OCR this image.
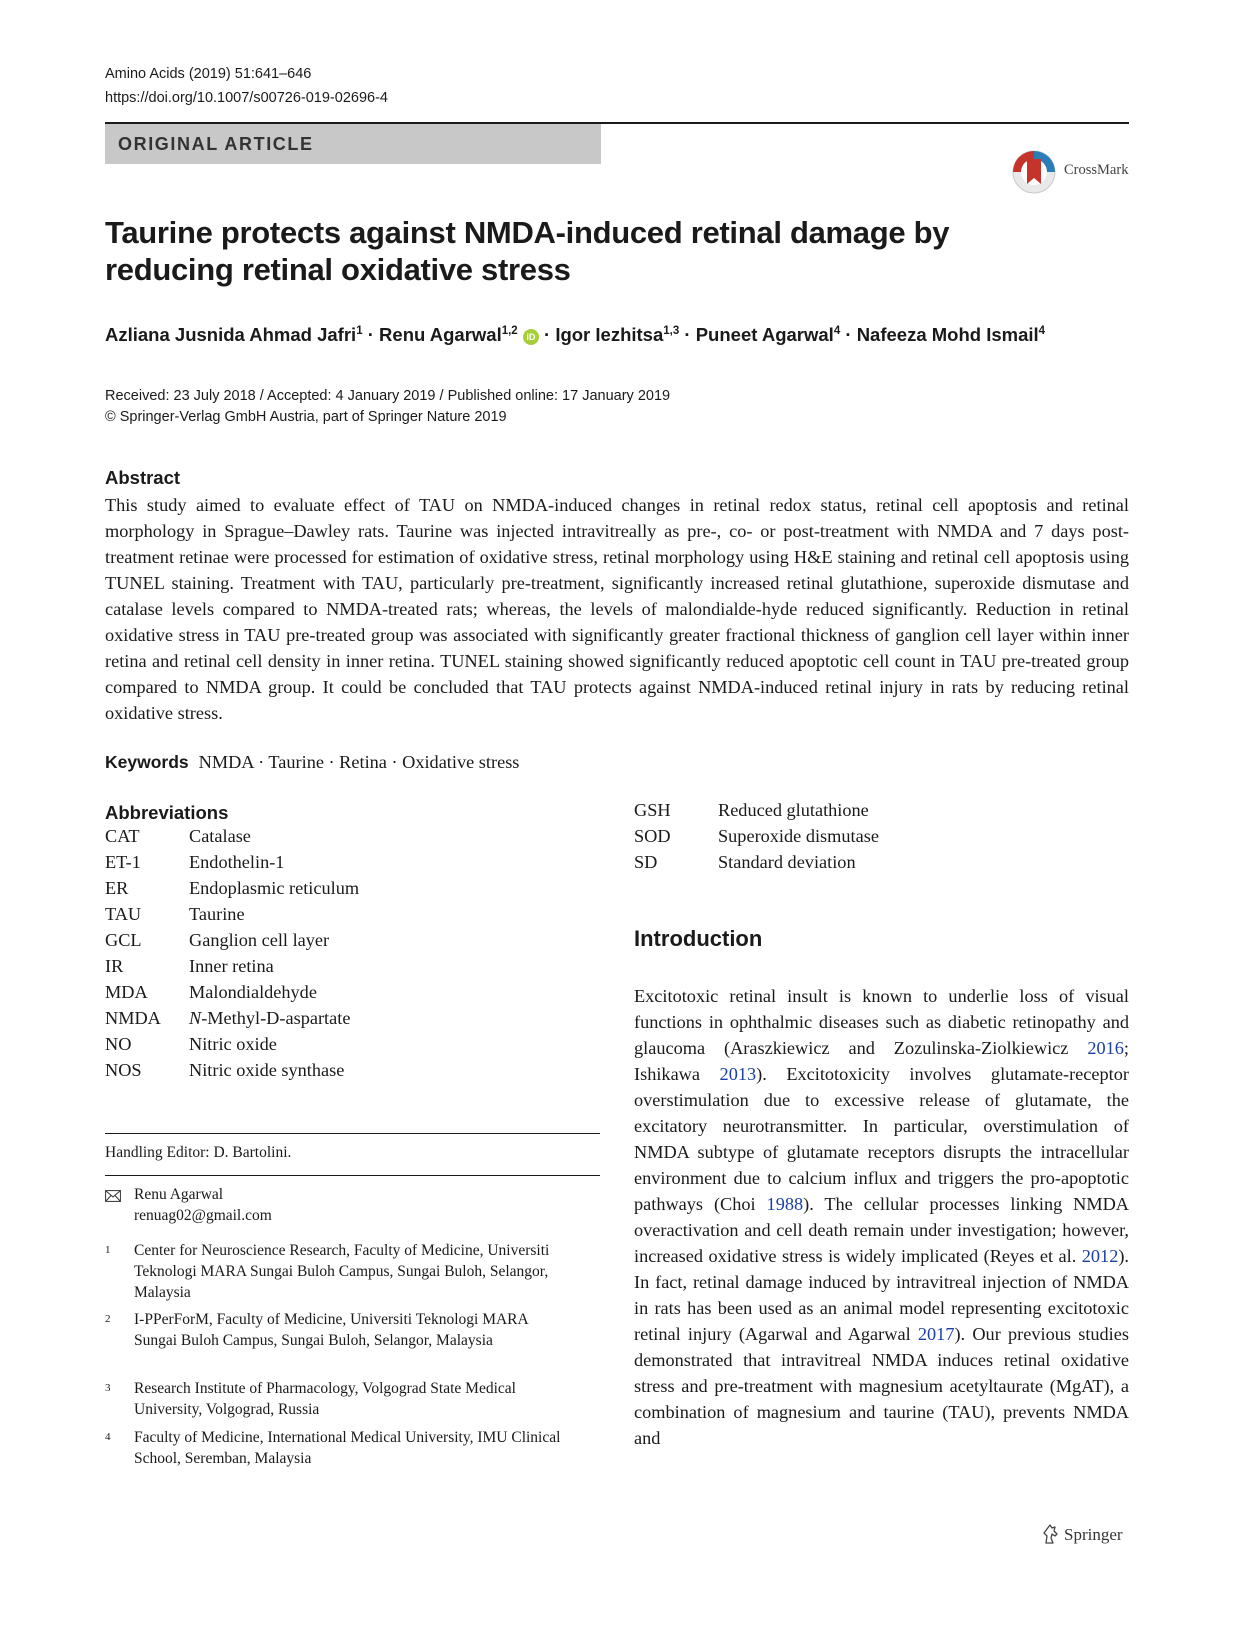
Amino Acids (2019) 51:641–646
https://doi.org/10.1007/s00726-019-02696-4
ORIGINAL ARTICLE
CrossMark
Taurine protects against NMDA-induced retinal damage by reducing retinal oxidative stress
Azliana Jusnida Ahmad Jafri$^1$ · Renu Agarwal$^{1,2}$ iD · Igor Iezhitsa$^{1,3}$ · Puneet Agarwal$^4$ · Nafeeza Mohd Ismail$^4$
Received: 23 July 2018 / Accepted: 4 January 2019 / Published online: 17 January 2019
© Springer-Verlag GmbH Austria, part of Springer Nature 2019
Abstract
This study aimed to evaluate effect of TAU on NMDA-induced changes in retinal redox status, retinal cell apoptosis and retinal morphology in Sprague–Dawley rats. Taurine was injected intravitreally as pre-, co- or post-treatment with NMDA and 7 days post-treatment retinae were processed for estimation of oxidative stress, retinal morphology using H&E staining and retinal cell apoptosis using TUNEL staining. Treatment with TAU, particularly pre-treatment, significantly increased retinal glutathione, superoxide dismutase and catalase levels compared to NMDA-treated rats; whereas, the levels of malondialde-hyde reduced significantly. Reduction in retinal oxidative stress in TAU pre-treated group was associated with significantly greater fractional thickness of ganglion cell layer within inner retina and retinal cell density in inner retina. TUNEL staining showed significantly reduced apoptotic cell count in TAU pre-treated group compared to NMDA group. It could be concluded that TAU protects against NMDA-induced retinal injury in rats by reducing retinal oxidative stress.
Keywords NMDA · Taurine · Retina · Oxidative stress
Abbreviations
CAT	Catalase
ET-1	Endothelin-1
ER	Endoplasmic reticulum
TAU	Taurine
GCL	Ganglion cell layer
IR	Inner retina
MDA	Malondialdehyde
NMDA	N-Methyl-D-aspartate
NO	Nitric oxide
NOS	Nitric oxide synthase
GSH	Reduced glutathione
SOD	Superoxide dismutase
SD	Standard deviation
Introduction
Excitotoxic retinal insult is known to underlie loss of visual functions in ophthalmic diseases such as diabetic retinopathy and glaucoma (Araszkiewicz and Zozulinska-Ziolkiewicz 2016; Ishikawa 2013). Excitotoxicity involves glutamate-receptor overstimulation due to excessive release of glutamate, the excitatory neurotransmitter. In particular, overstimulation of NMDA subtype of glutamate receptors disrupts the intracellular environment due to calcium influx and triggers the pro-apoptotic pathways (Choi 1988). The cellular processes linking NMDA overactivation and cell death remain under investigation; however, increased oxidative stress is widely implicated (Reyes et al. 2012). In fact, retinal damage induced by intravitreal injection of NMDA in rats has been used as an animal model representing excitotoxic retinal injury (Agarwal and Agarwal 2017). Our previous studies demonstrated that intravitreal NMDA induces retinal oxidative stress and pre-treatment with magnesium acetyltaurate (MgAT), a combination of magnesium and taurine (TAU), prevents NMDA and
Handling Editor: D. Bartolini.
Renu Agarwal
renuag02@gmail.com
1 Center for Neuroscience Research, Faculty of Medicine, Universiti Teknologi MARA Sungai Buloh Campus, Sungai Buloh, Selangor, Malaysia
2 I-PPerForM, Faculty of Medicine, Universiti Teknologi MARA Sungai Buloh Campus, Sungai Buloh, Selangor, Malaysia
3 Research Institute of Pharmacology, Volgograd State Medical University, Volgograd, Russia
4 Faculty of Medicine, International Medical University, IMU Clinical School, Seremban, Malaysia
Springer
